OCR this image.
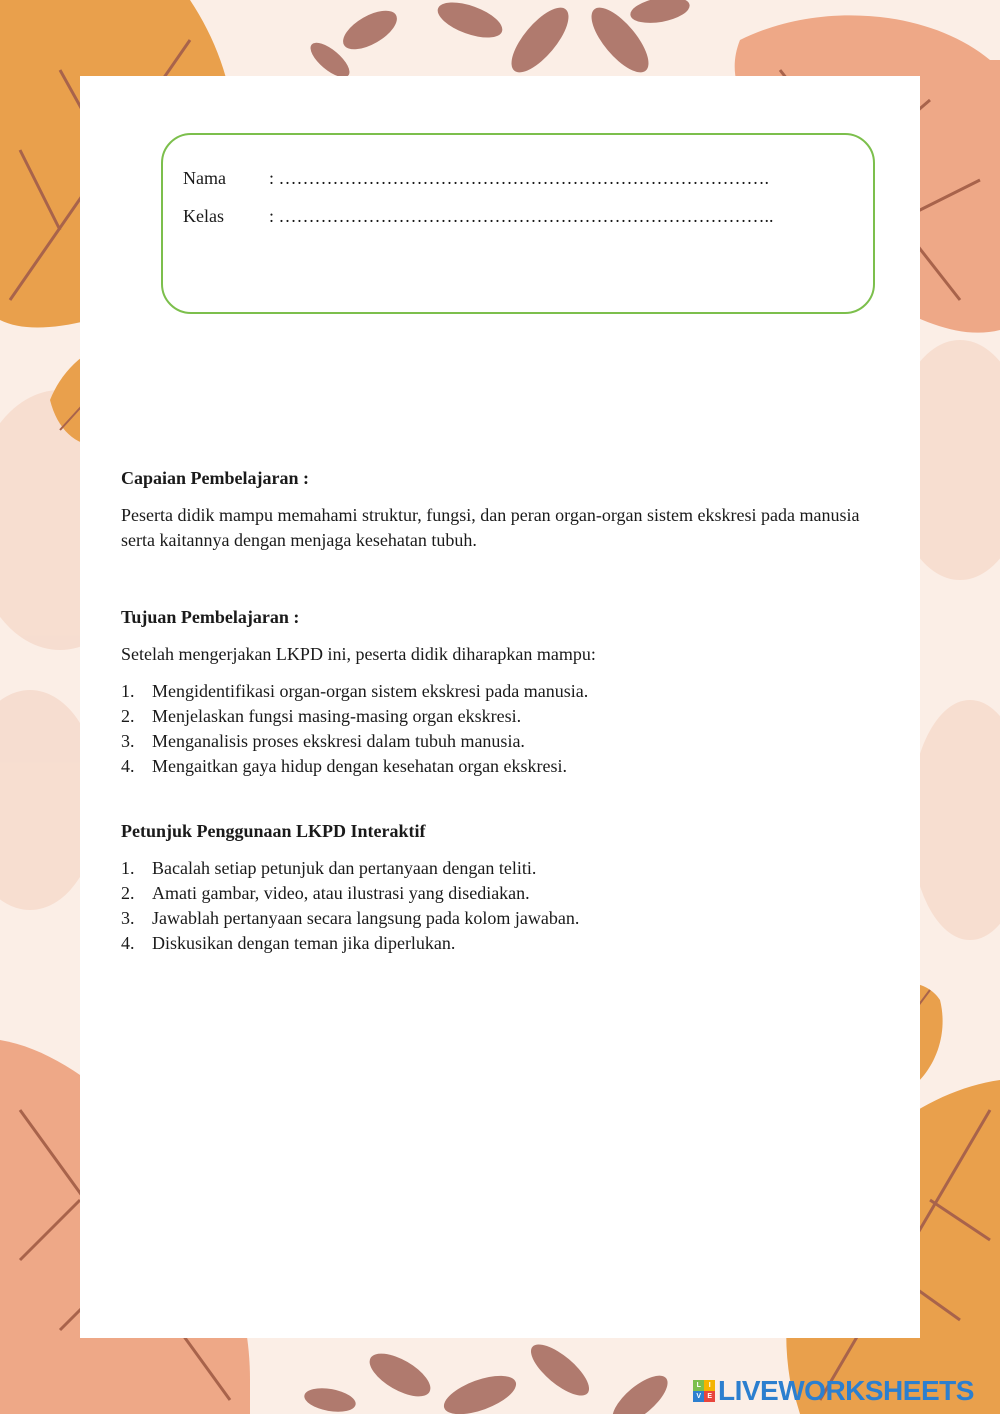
Nama : ……………………………………………………………………….
Kelas	: ………………………………………………………………………..

Capaian Pembelajaran :

Peserta didik mampu memahami struktur, fungsi, dan peran organ-organ sistem ekskresi pada manusia serta kaitannya dengan menjaga kesehatan tubuh.

Tujuan Pembelajaran :

Setelah mengerjakan LKPD ini, peserta didik diharapkan mampu:

1. Mengidentifikasi organ-organ sistem ekskresi pada manusia.
2. Menjelaskan fungsi masing-masing organ ekskresi.
3. Menganalisis proses ekskresi dalam tubuh manusia.
4. Mengaitkan gaya hidup dengan kesehatan organ ekskresi.

Petunjuk Penggunaan LKPD Interaktif

1. Bacalah setiap petunjuk dan pertanyaan dengan teliti.
2. Amati gambar, video, atau ilustrasi yang disediakan.
3. Jawablah pertanyaan secara langsung pada kolom jawaban.
4. Diskusikan dengan teman jika diperlukan.
L	I
V E LIVEWORKSHEETS
